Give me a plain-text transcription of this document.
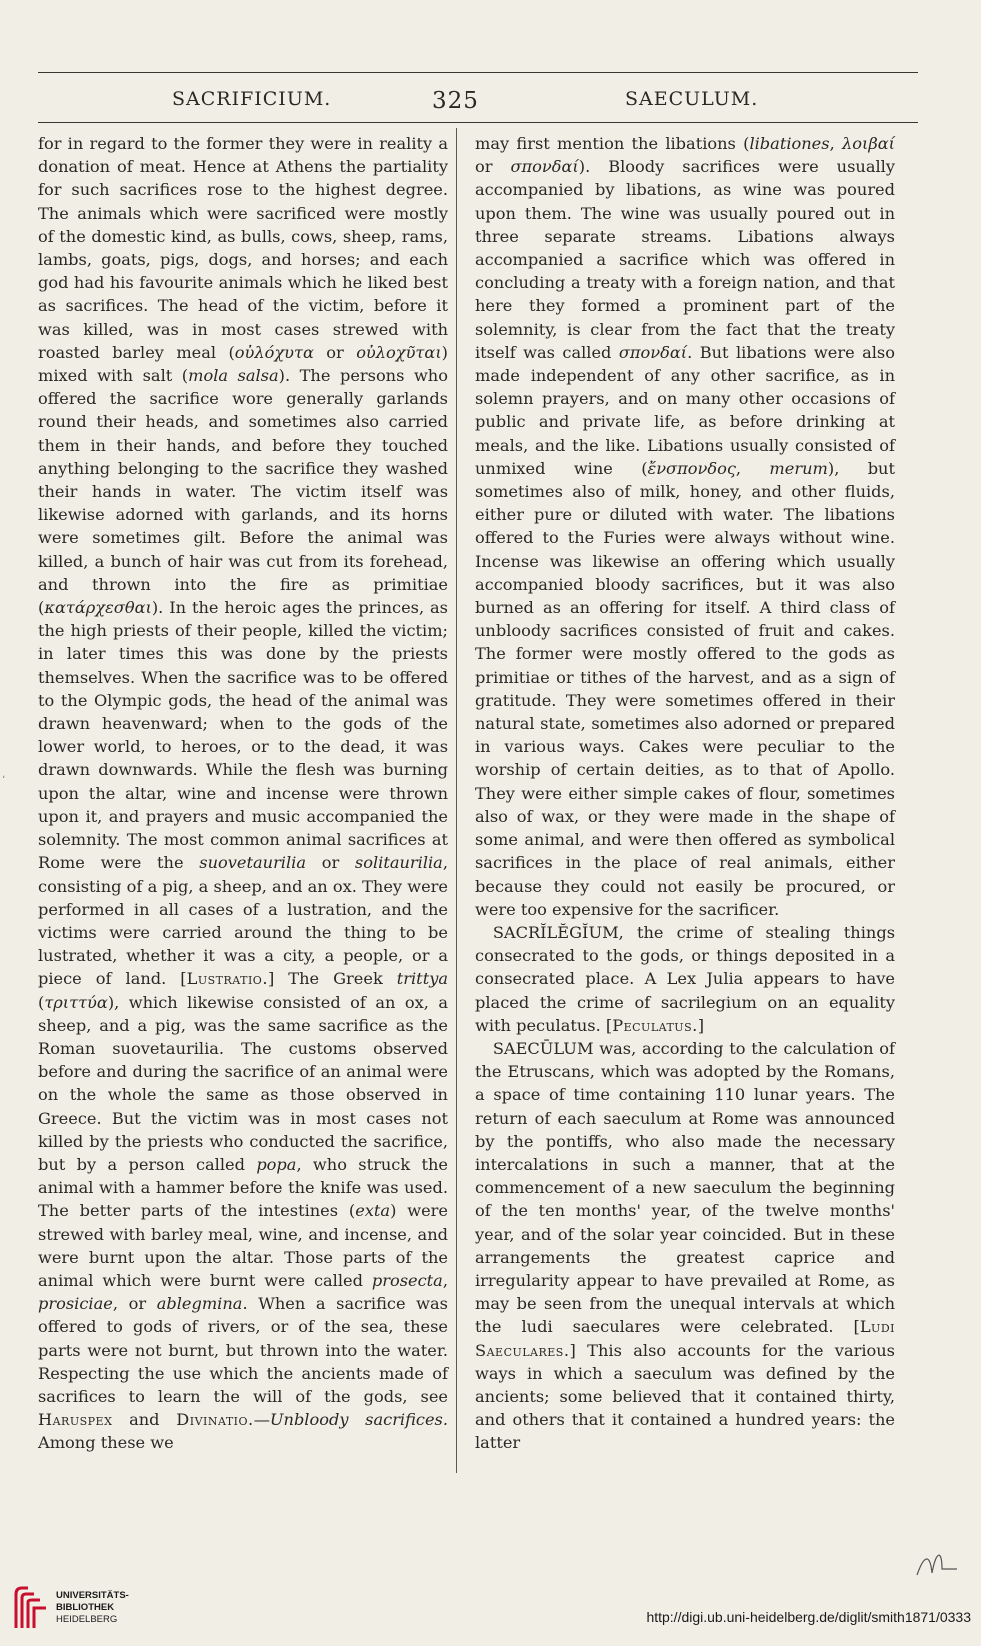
SACRIFICIUM.	325	SAECULUM.
‘

for in regard to the former they were in reality a donation of meat. Hence at Athens the partiality for such sacrifices rose to the highest degree. The animals which were sacrificed were mostly of the domestic kind, as bulls, cows, sheep, rams, lambs, goats, pigs, dogs, and horses; and each god had his favourite animals which he liked best as sacrifices. The head of the victim, before it was killed, was in most cases strewed with roasted barley meal (οὐλόχυτα or οὐλοχῦται) mixed with salt (mola salsa). The persons who offered the sacrifice wore generally garlands round their heads, and sometimes also carried them in their hands, and before they touched anything belonging to the sacrifice they washed their hands in water. The victim itself was likewise adorned with garlands, and its horns were sometimes gilt. Before the animal was killed, a bunch of hair was cut from its forehead, and thrown into the fire as primitiae (κατάρχεσθαι). In the heroic ages the princes, as the high priests of their people, killed the victim; in later times this was done by the priests themselves. When the sacrifice was to be offered to the Olympic gods, the head of the animal was drawn heavenward; when to the gods of the lower world, to heroes, or to the dead, it was drawn downwards. While the flesh was burning upon the altar, wine and incense were thrown upon it, and prayers and music accompanied the solemnity. The most common animal sacrifices at Rome were the suovetaurilia or solitaurilia, consisting of a pig, a sheep, and an ox. They were performed in all cases of a lustration, and the victims were carried around the thing to be lustrated, whether it was a city, a people, or a piece of land. [Lustratio.] The Greek trittya (τριττύα), which likewise consisted of an ox, a sheep, and a pig, was the same sacrifice as the Roman suovetaurilia. The customs observed before and during the sacrifice of an animal were on the whole the same as those observed in Greece. But the victim was in most cases not killed by the priests who conducted the sacrifice, but by a person called popa, who struck the animal with a hammer before the knife was used. The better parts of the intestines (exta) were strewed with barley meal, wine, and incense, and were burnt upon the altar. Those parts of the animal which were burnt were called prosecta, prosiciae, or ablegmina. When a sacrifice was offered to gods of rivers, or of the sea, these parts were not burnt, but thrown into the water. Respecting the use which the ancients made of sacrifices to learn the will of the gods, see Haruspex and Divinatio.—Unbloody sacrifices. Among these we

may first mention the libations (libationes, λοιβαί or σπονδαί). Bloody sacrifices were usually accompanied by libations, as wine was poured upon them. The wine was usually poured out in three separate streams. Libations always accompanied a sacrifice which was offered in concluding a treaty with a foreign nation, and that here they formed a prominent part of the solemnity, is clear from the fact that the treaty itself was called σπονδαί. But libations were also made independent of any other sacrifice, as in solemn prayers, and on many other occasions of public and private life, as before drinking at meals, and the like. Libations usually consisted of unmixed wine (ἔνσπονδος, merum), but sometimes also of milk, honey, and other fluids, either pure or diluted with water. The libations offered to the Furies were always without wine. Incense was likewise an offering which usually accompanied bloody sacrifices, but it was also burned as an offering for itself. A third class of unbloody sacrifices consisted of fruit and cakes. The former were mostly offered to the gods as primitiae or tithes of the harvest, and as a sign of gratitude. They were sometimes offered in their natural state, sometimes also adorned or prepared in various ways. Cakes were peculiar to the worship of certain deities, as to that of Apollo. They were either simple cakes of flour, sometimes also of wax, or they were made in the shape of some animal, and were then offered as symbolical sacrifices in the place of real animals, either because they could not easily be procured, or were too expensive for the sacrificer.

SACRĬLĔGĬUM, the crime of stealing things consecrated to the gods, or things deposited in a consecrated place. A Lex Julia appears to have placed the crime of sacrilegium on an equality with peculatus. [Peculatus.]

SAECŪLUM was, according to the calculation of the Etruscans, which was adopted by the Romans, a space of time containing 110 lunar years. The return of each saeculum at Rome was announced by the pontiffs, who also made the necessary intercalations in such a manner, that at the commencement of a new saeculum the beginning of the ten months' year, of the twelve months' year, and of the solar year coincided. But in these arrangements the greatest caprice and irregularity appear to have prevailed at Rome, as may be seen from the unequal intervals at which the ludi saeculares were celebrated. [Ludi Saeculares.] This also accounts for the various ways in which a saeculum was defined by the ancients; some believed that it contained thirty, and others that it contained a hundred years: the latter

UNIVERSITÄTS-
BIBLIOTHEK
HEIDELBERG	http://digi.ub.uni-heidelberg.de/diglit/smith1871/0333
